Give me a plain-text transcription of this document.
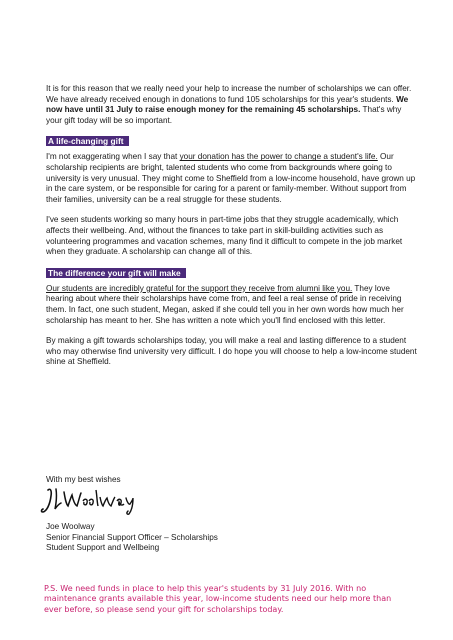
It is for this reason that we really need your help to increase the number of scholarships we can offer. We have already received enough in donations to fund 105 scholarships for this year's students. We now have until 31 July to raise enough money for the remaining 45 scholarships. That's why your gift today will be so important.

A life-changing gift

I'm not exaggerating when I say that your donation has the power to change a student's life. Our scholarship recipients are bright, talented students who come from backgrounds where going to university is very unusual. They might come to Sheffield from a low-income household, have grown up in the care system, or be responsible for caring for a parent or family-member. Without support from their families, university can be a real struggle for these students.

I've seen students working so many hours in part-time jobs that they struggle academically, which affects their wellbeing. And, without the finances to take part in skill-building activities such as volunteering programmes and vacation schemes, many find it difficult to compete in the job market when they graduate. A scholarship can change all of this.

The difference your gift will make

Our students are incredibly grateful for the support they receive from alumni like you. They love hearing about where their scholarships have come from, and feel a real sense of pride in receiving them. In fact, one such student, Megan, asked if she could tell you in her own words how much her scholarship has meant to her. She has written a note which you'll find enclosed with this letter.

By making a gift towards scholarships today, you will make a real and lasting difference to a student who may otherwise find university very difficult. I do hope you will choose to help a low-income student shine at Sheffield.

With my best wishes
Joe Woolway
Senior Financial Support Officer – Scholarships
Student Support and Wellbeing
P.S. We need funds in place to help this year's students by 31 July 2016. With no maintenance grants available this year, low-income students need our help more than ever before, so please send your gift for scholarships today.
